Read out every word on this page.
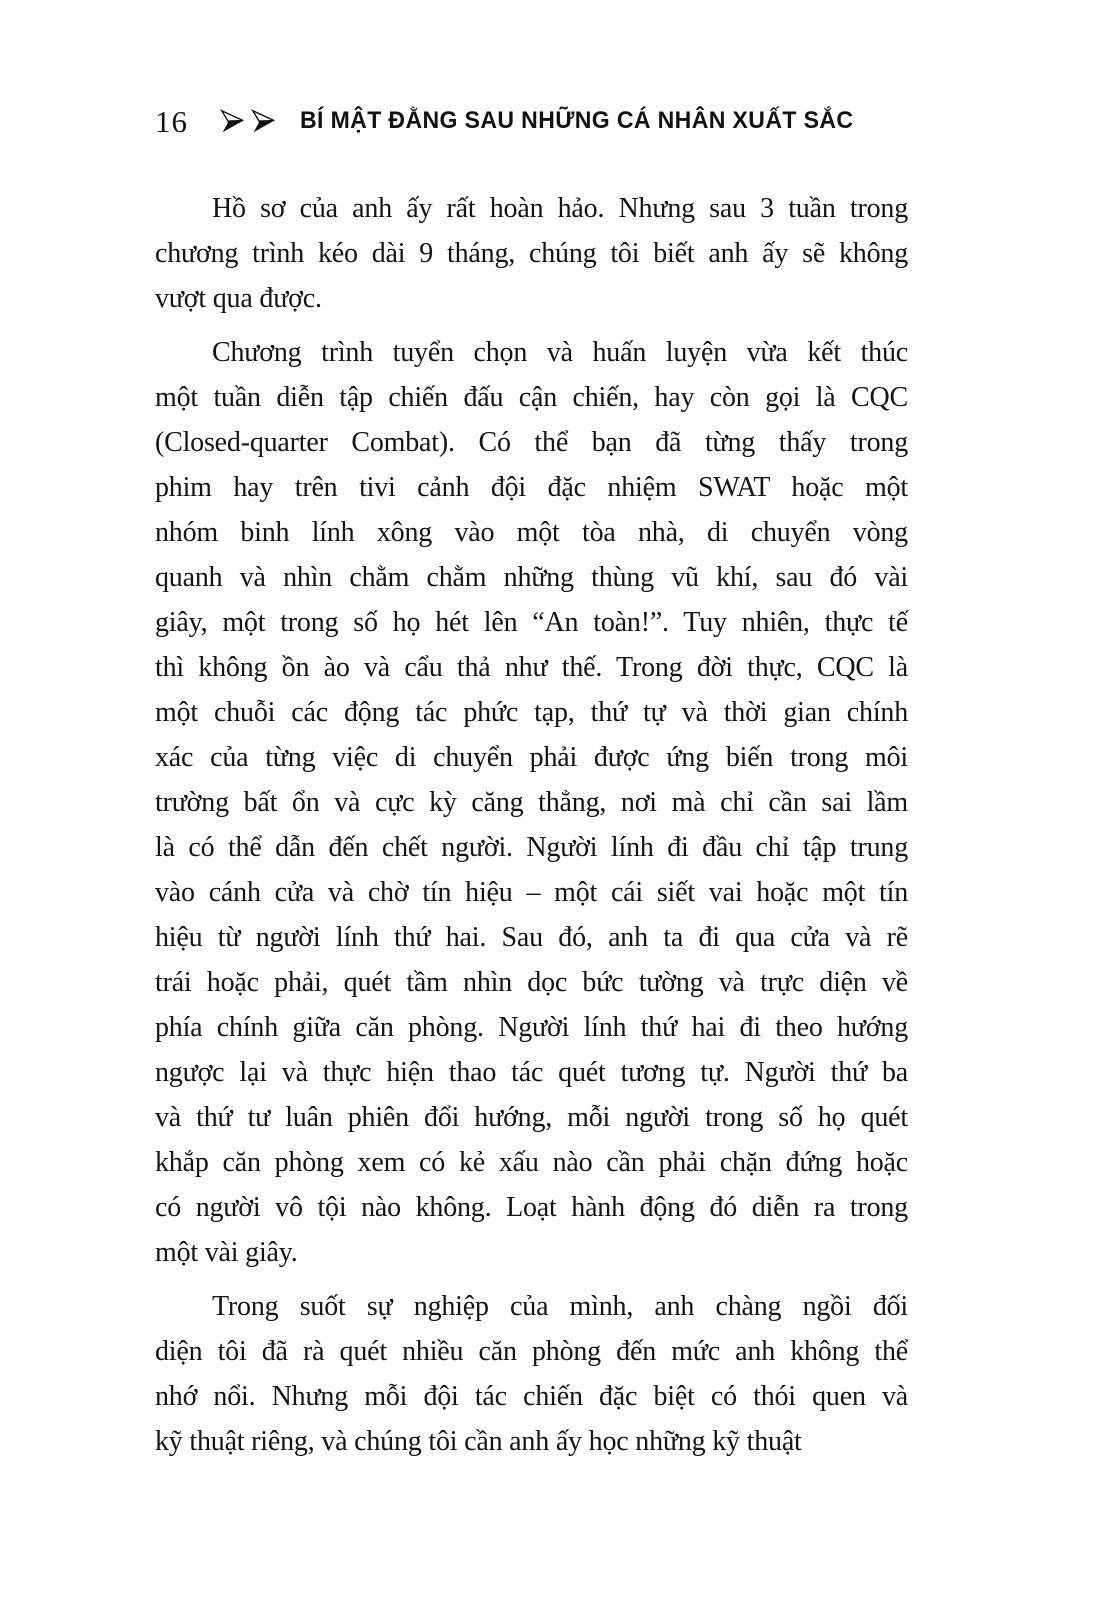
16	BÍ MẬT ĐẰNG SAU NHỮNG CÁ NHÂN XUẤT SẮC

Hồ sơ của anh ấy rất hoàn hảo. Nhưng sau 3 tuần trong
chương trình kéo dài 9 tháng, chúng tôi biết anh ấy sẽ không
vượt qua được.

Chương trình tuyển chọn và huấn luyện vừa kết thúc
một tuần diễn tập chiến đấu cận chiến, hay còn gọi là CQC
(Closed-quarter Combat). Có thể bạn đã từng thấy trong
phim hay trên tivi cảnh đội đặc nhiệm SWAT hoặc một
nhóm binh lính xông vào một tòa nhà, di chuyển vòng
quanh và nhìn chằm chằm những thùng vũ khí, sau đó vài
giây, một trong số họ hét lên “An toàn!”. Tuy nhiên, thực tế
thì không ồn ào và cẩu thả như thế. Trong đời thực, CQC là
một chuỗi các động tác phức tạp, thứ tự và thời gian chính
xác của từng việc di chuyển phải được ứng biến trong môi
trường bất ổn và cực kỳ căng thẳng, nơi mà chỉ cần sai lầm
là có thể dẫn đến chết người. Người lính đi đầu chỉ tập trung
vào cánh cửa và chờ tín hiệu – một cái siết vai hoặc một tín
hiệu từ người lính thứ hai. Sau đó, anh ta đi qua cửa và rẽ
trái hoặc phải, quét tầm nhìn dọc bức tường và trực diện về
phía chính giữa căn phòng. Người lính thứ hai đi theo hướng
ngược lại và thực hiện thao tác quét tương tự. Người thứ ba
và thứ tư luân phiên đổi hướng, mỗi người trong số họ quét
khắp căn phòng xem có kẻ xấu nào cần phải chặn đứng hoặc
có người vô tội nào không. Loạt hành động đó diễn ra trong
một vài giây.

Trong suốt sự nghiệp của mình, anh chàng ngồi đối
diện tôi đã rà quét nhiều căn phòng đến mức anh không thể
nhớ nổi. Nhưng mỗi đội tác chiến đặc biệt có thói quen và
kỹ thuật riêng, và chúng tôi cần anh ấy học những kỹ thuật
